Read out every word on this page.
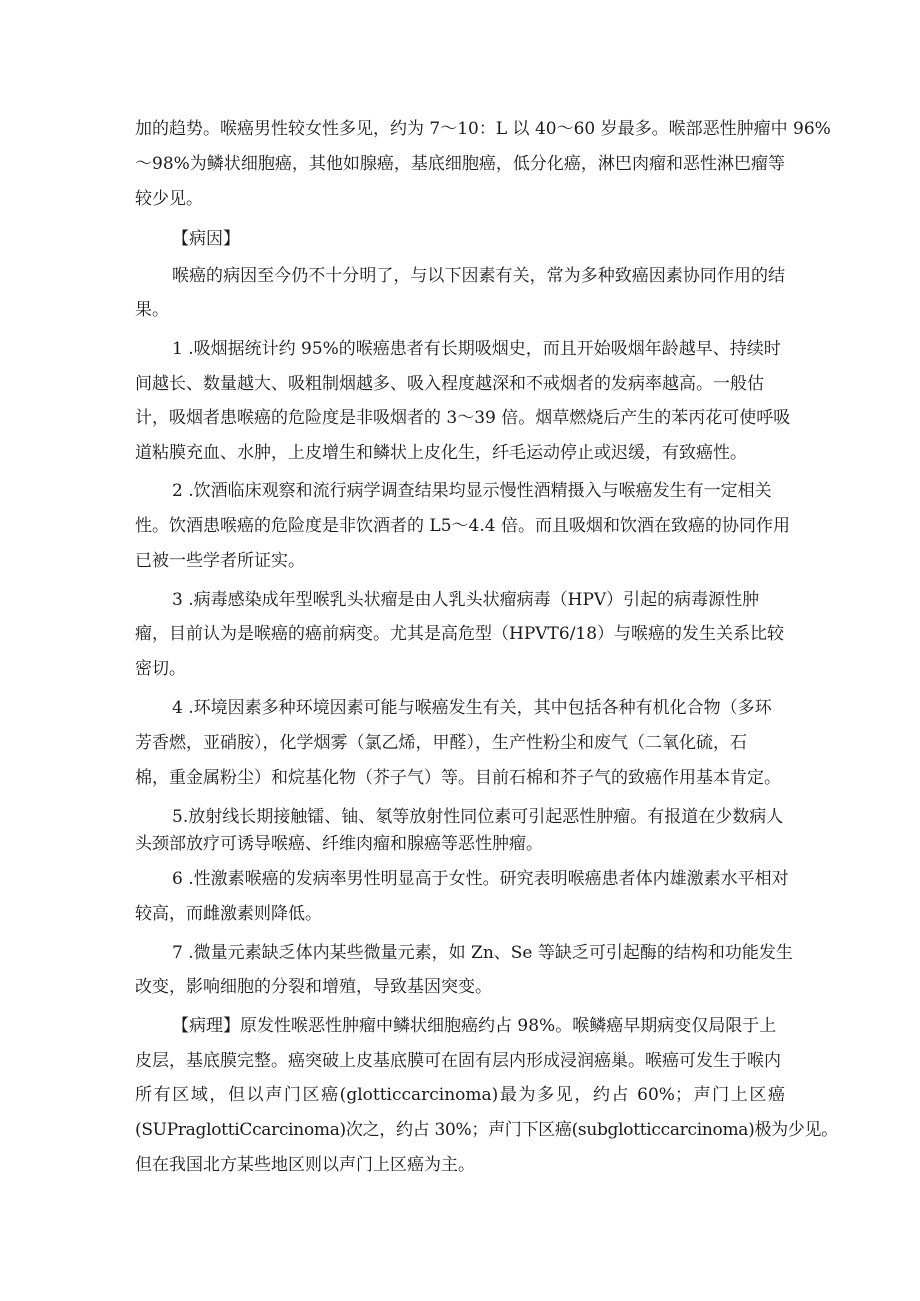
加的趋势。喉癌男性较女性多见，约为 7～10：L 以 40～60 岁最多。喉部恶性肿瘤中 96%
～98%为鳞状细胞癌，其他如腺癌，基底细胞癌，低分化癌，淋巴肉瘤和恶性淋巴瘤等
较少见。
【病因】
喉癌的病因至今仍不十分明了，与以下因素有关，常为多种致癌因素协同作用的结
果。
1 .吸烟据统计约 95%的喉癌患者有长期吸烟史，而且开始吸烟年龄越早、持续时
间越长、数量越大、吸粗制烟越多、吸入程度越深和不戒烟者的发病率越高。一般估
计，吸烟者患喉癌的危险度是非吸烟者的 3～39 倍。烟草燃烧后产生的苯丙花可使呼吸
道粘膜充血、水肿，上皮增生和鳞状上皮化生，纤毛运动停止或迟缓，有致癌性。
2 .饮酒临床观察和流行病学调查结果均显示慢性酒精摄入与喉癌发生有一定相关
性。饮酒患喉癌的危险度是非饮酒者的 L5～4.4 倍。而且吸烟和饮酒在致癌的协同作用
已被一些学者所证实。
3 .病毒感染成年型喉乳头状瘤是由人乳头状瘤病毒（HPV）引起的病毒源性肿
瘤，目前认为是喉癌的癌前病变。尤其是高危型（HPVT6/18）与喉癌的发生关系比较
密切。
4 .环境因素多种环境因素可能与喉癌发生有关，其中包括各种有机化合物（多环
芳香燃，亚硝胺），化学烟雾（氯乙烯，甲醛），生产性粉尘和废气（二氧化硫，石
棉，重金属粉尘）和烷基化物（芥子气）等。目前石棉和芥子气的致癌作用基本肯定。
5.放射线长期接触镭、铀、氡等放射性同位素可引起恶性肿瘤。有报道在少数病人
头颈部放疗可诱导喉癌、纤维肉瘤和腺癌等恶性肿瘤。
6 .性激素喉癌的发病率男性明显高于女性。研究表明喉癌患者体内雄激素水平相对
较高，而雌激素则降低。
7 .微量元素缺乏体内某些微量元素，如 Zn、Se 等缺乏可引起酶的结构和功能发生
改变，影响细胞的分裂和增殖，导致基因突变。
【病理】原发性喉恶性肿瘤中鳞状细胞癌约占 98%。喉鳞癌早期病变仅局限于上
皮层，基底膜完整。癌突破上皮基底膜可在固有层内形成浸润癌巢。喉癌可发生于喉内
所有区域，但以声门区癌(glotticcarcinoma)最为多见，约占 60%；声门上区癌
(SUPraglottiCcarcinoma)次之，约占 30%；声门下区癌(subglotticcarcinoma)极为少见。
但在我国北方某些地区则以声门上区癌为主。
